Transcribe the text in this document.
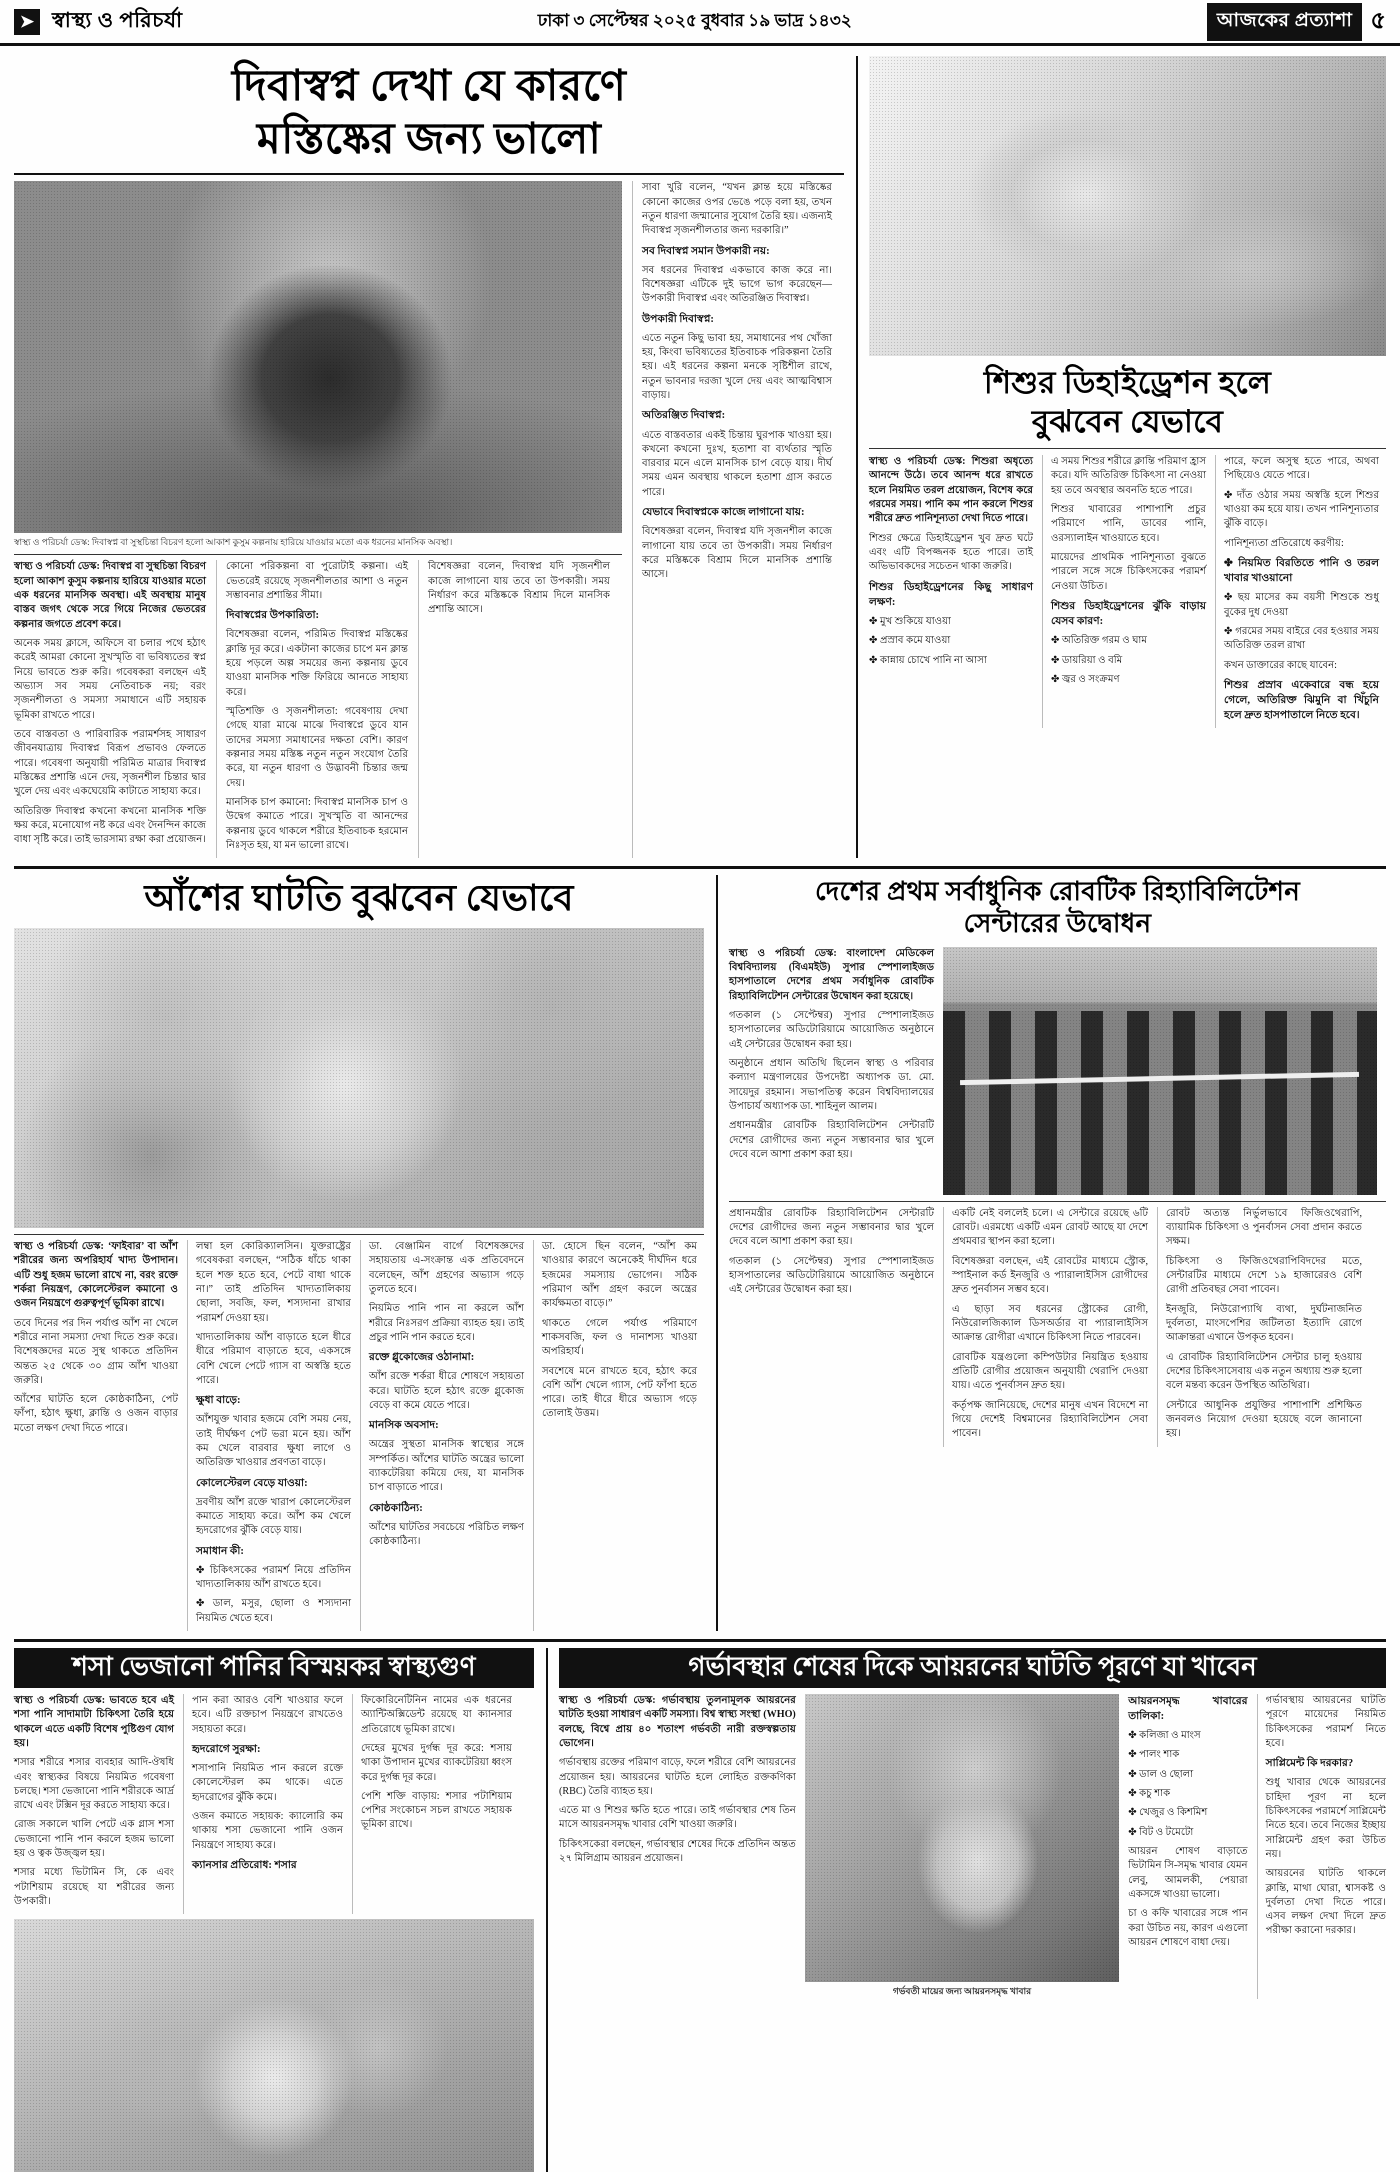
➤ স্বাস্থ্য ও পরিচর্যা	ঢাকা ৩ সেপ্টেম্বর ২০২৫ বুধবার ১৯ ভাদ্র ১৪৩২	আজকের প্রত্যাশা ৫
দিবাস্বপ্ন দেখা যে কারণে
মস্তিষ্কের জন্য ভালো
স্বাস্থ্য ও পরিচর্যা ডেস্ক: দিবাস্বপ্ন বা সুস্থচিন্তা বিচরণ হলো আকাশ কুসুম কল্পনায় হারিয়ে যাওয়ার মতো এক ধরনের মানসিক অবস্থা।

স্বাস্থ্য ও পরিচর্যা ডেস্ক: দিবাস্বপ্ন বা সুস্থচিন্তা বিচরণ হলো আকাশ কুসুম কল্পনায় হারিয়ে যাওয়ার মতো এক ধরনের মানসিক অবস্থা। এই অবস্থায় মানুষ বাস্তব জগৎ থেকে সরে গিয়ে নিজের ভেতরের কল্পনার জগতে প্রবেশ করে।

অনেক সময় ক্লাসে, অফিসে বা চলার পথে হঠাৎ করেই আমরা কোনো সুখস্মৃতি বা ভবিষ্যতের স্বপ্ন নিয়ে ভাবতে শুরু করি। গবেষকরা বলছেন এই অভ্যাস সব সময় নেতিবাচক নয়; বরং সৃজনশীলতা ও সমস্যা সমাধানে এটি সহায়ক ভূমিকা রাখতে পারে।

তবে বাস্তবতা ও পারিবারিক পরামর্শসহ সাধারণ জীবনযাত্রায় দিবাস্বপ্ন বিরূপ প্রভাবও ফেলতে পারে। গবেষণা অনুযায়ী পরিমিত মাত্রার দিবাস্বপ্ন মস্তিষ্কের প্রশান্তি এনে দেয়, সৃজনশীল চিন্তার দ্বার খুলে দেয় এবং একঘেয়েমি কাটাতে সাহায্য করে।

অতিরিক্ত দিবাস্বপ্ন কখনো কখনো মানসিক শক্তি ক্ষয় করে, মনোযোগ নষ্ট করে এবং দৈনন্দিন কাজে বাধা সৃষ্টি করে। তাই ভারসাম্য রক্ষা করা প্রয়োজন।

কোনো পরিকল্পনা বা পুরোটাই কল্পনা। এই ভেতরেই রয়েছে সৃজনশীলতার আশা ও নতুন সম্ভাবনার প্রশান্তির সীমা।

দিবাস্বপ্নের উপকারিতা:

বিশেষজ্ঞরা বলেন, পরিমিত দিবাস্বপ্ন মস্তিষ্কের ক্লান্তি দূর করে। একটানা কাজের চাপে মন ক্লান্ত হয়ে পড়লে অল্প সময়ের জন্য কল্পনায় ডুবে যাওয়া মানসিক শক্তি ফিরিয়ে আনতে সাহায্য করে।

স্মৃতিশক্তি ও সৃজনশীলতা: গবেষণায় দেখা গেছে যারা মাঝে মাঝে দিবাস্বপ্নে ডুবে যান তাদের সমস্যা সমাধানের দক্ষতা বেশি। কারণ কল্পনার সময় মস্তিষ্ক নতুন নতুন সংযোগ তৈরি করে, যা নতুন ধারণা ও উদ্ভাবনী চিন্তার জন্ম দেয়।

মানসিক চাপ কমানো: দিবাস্বপ্ন মানসিক চাপ ও উদ্বেগ কমাতে পারে। সুখস্মৃতি বা আনন্দের কল্পনায় ডুবে থাকলে শরীরে ইতিবাচক হরমোন নিঃসৃত হয়, যা মন ভালো রাখে।

বিশেষজ্ঞরা বলেন, দিবাস্বপ্ন যদি সৃজনশীল কাজে লাগানো যায় তবে তা উপকারী। সময় নির্ধারণ করে মস্তিষ্ককে বিশ্রাম দিলে মানসিক প্রশান্তি আসে।

সাবা খুরি বলেন, “যখন ক্লান্ত হয়ে মস্তিষ্কের কোনো কাজের ওপর ভেঙে পড়ে বলা হয়, তখন নতুন ধারণা জন্মানোর সুযোগ তৈরি হয়। এজন্যই দিবাস্বপ্ন সৃজনশীলতার জন্য দরকারি।”

সব দিবাস্বপ্ন সমান উপকারী নয়:

সব ধরনের দিবাস্বপ্ন একভাবে কাজ করে না। বিশেষজ্ঞরা এটিকে দুই ভাগে ভাগ করেছেন—উপকারী দিবাস্বপ্ন এবং অতিরঞ্জিত দিবাস্বপ্ন।

উপকারী দিবাস্বপ্ন:

এতে নতুন কিছু ভাবা হয়, সমাধানের পথ খোঁজা হয়, কিংবা ভবিষ্যতের ইতিবাচক পরিকল্পনা তৈরি হয়। এই ধরনের কল্পনা মনকে সৃষ্টিশীল রাখে, নতুন ভাবনার দরজা খুলে দেয় এবং আত্মবিশ্বাস বাড়ায়।

অতিরঞ্জিত দিবাস্বপ্ন:

এতে বাস্তবতার একই চিন্তায় ঘুরপাক খাওয়া হয়। কখনো কখনো দুঃখ, হতাশা বা ব্যর্থতার স্মৃতি বারবার মনে এলে মানসিক চাপ বেড়ে যায়। দীর্ঘ সময় এমন অবস্থায় থাকলে হতাশা গ্রাস করতে পারে।

যেভাবে দিবাস্বপ্নকে কাজে লাগানো যায়:

বিশেষজ্ঞরা বলেন, দিবাস্বপ্ন যদি সৃজনশীল কাজে লাগানো যায় তবে তা উপকারী। সময় নির্ধারণ করে মস্তিষ্ককে বিশ্রাম দিলে মানসিক প্রশান্তি আসে।

শিশুর ডিহাইড্রেশন হলে
বুঝবেন যেভাবে

স্বাস্থ্য ও পরিচর্যা ডেস্ক: শিশুরা অধৃত্যে আনন্দে উঠে। তবে আনন্দ ধরে রাখতে হলে নিয়মিত তরল প্রয়োজন, বিশেষ করে গরমের সময়। পানি কম পান করলে শিশুর শরীরে দ্রুত পানিশূন্যতা দেখা দিতে পারে।

শিশুর ক্ষেত্রে ডিহাইড্রেশন খুব দ্রুত ঘটে এবং এটি বিপজ্জনক হতে পারে। তাই অভিভাবকদের সচেতন থাকা জরুরি।

শিশুর ডিহাইড্রেশনের কিছু সাধারণ লক্ষণ:

✤ মুখ শুকিয়ে যাওয়া

✤ প্রস্রাব কমে যাওয়া

✤ কান্নায় চোখে পানি না আসা

এ সময় শিশুর শরীরে ক্লান্তি পরিমাণ হ্রাস করে। যদি অতিরিক্ত চিকিৎসা না নেওয়া হয় তবে অবস্থার অবনতি হতে পারে।

শিশুর খাবারের পাশাপাশি প্রচুর পরিমাণে পানি, ডাবের পানি, ওরস্যালাইন খাওয়াতে হবে।

মায়েদের প্রাথমিক পানিশূন্যতা বুঝতে পারলে সঙ্গে সঙ্গে চিকিৎসকের পরামর্শ নেওয়া উচিত।

শিশুর ডিহাইড্রেশনের ঝুঁকি বাড়ায় যেসব কারণ:

✤ অতিরিক্ত গরম ও ঘাম

✤ ডায়রিয়া ও বমি

✤ জ্বর ও সংক্রমণ

পারে, ফলে অসুস্থ হতে পারে, অথবা পিছিয়েও যেতে পারে।

✤ দাঁত ওঠার সময় অস্বস্তি হলে শিশুর খাওয়া কম হয়ে যায়। তখন পানিশূন্যতার ঝুঁকি বাড়ে।

পানিশূন্যতা প্রতিরোধে করণীয়:

✤ নিয়মিত বিরতিতে পানি ও তরল খাবার খাওয়ানো

✤ ছয় মাসের কম বয়সী শিশুকে শুধু বুকের দুধ দেওয়া

✤ গরমের সময় বাইরে বের হওয়ার সময় অতিরিক্ত তরল রাখা

কখন ডাক্তারের কাছে যাবেন:

শিশুর প্রস্রাব একেবারে বন্ধ হয়ে গেলে, অতিরিক্ত ঝিমুনি বা খিঁচুনি হলে দ্রুত হাসপাতালে নিতে হবে।

আঁশের ঘাটতি বুঝবেন যেভাবে

স্বাস্থ্য ও পরিচর্যা ডেস্ক: ‘ফাইবার’ বা আঁশ শরীরের জন্য অপরিহার্য খাদ্য উপাদান। এটি শুধু হজম ভালো রাখে না, বরং রক্তে শর্করা নিয়ন্ত্রণ, কোলেস্টেরল কমানো ও ওজন নিয়ন্ত্রণে গুরুত্বপূর্ণ ভূমিকা রাখে।

তবে দিনের পর দিন পর্যাপ্ত আঁশ না খেলে শরীরে নানা সমস্যা দেখা দিতে শুরু করে। বিশেষজ্ঞদের মতে সুস্থ থাকতে প্রতিদিন অন্তত ২৫ থেকে ৩০ গ্রাম আঁশ খাওয়া জরুরি।

আঁশের ঘাটতি হলে কোষ্ঠকাঠিন্য, পেট ফাঁপা, হঠাৎ ক্ষুধা, ক্লান্তি ও ওজন বাড়ার মতো লক্ষণ দেখা দিতে পারে।

লম্বা হল কোরিক্যালসিন। যুক্তরাষ্ট্রের গবেষকরা বলছেন, “সঠিক ধাঁচে থাকা হলে শক্ত হতে হবে, পেটে বাধা থাকে না।” তাই প্রতিদিন খাদ্যতালিকায় ছোলা, সবজি, ফল, শস্যদানা রাখার পরামর্শ দেওয়া হয়।

খাদ্যতালিকায় আঁশ বাড়াতে হলে ধীরে ধীরে পরিমাণ বাড়াতে হবে, একসঙ্গে বেশি খেলে পেটে গ্যাস বা অস্বস্তি হতে পারে।

ক্ষুধা বাড়ে:

আঁশযুক্ত খাবার হজমে বেশি সময় নেয়, তাই দীর্ঘক্ষণ পেট ভরা মনে হয়। আঁশ কম খেলে বারবার ক্ষুধা লাগে ও অতিরিক্ত খাওয়ার প্রবণতা বাড়ে।

কোলেস্টেরল বেড়ে যাওয়া:

দ্রবণীয় আঁশ রক্তে খারাপ কোলেস্টেরল কমাতে সাহায্য করে। আঁশ কম খেলে হৃদরোগের ঝুঁকি বেড়ে যায়।

সমাধান কী:

✤ চিকিৎসকের পরামর্শ নিয়ে প্রতিদিন খাদ্যতালিকায় আঁশ রাখতে হবে।

✤ ডাল, মসুর, ছোলা ও শস্যদানা নিয়মিত খেতে হবে।

ডা. বেঞ্জামিন বার্গে বিশেষজ্ঞদের সহায়তায় এ-সংক্রান্ত এক প্রতিবেদনে বলেছেন, আঁশ গ্রহণের অভ্যাস গড়ে তুলতে হবে।

নিয়মিত পানি পান না করলে আঁশ শরীরে নিঃসরণ প্রক্রিয়া ব্যাহত হয়। তাই প্রচুর পানি পান করতে হবে।

রক্তে গ্লুকোজের ওঠানামা:

আঁশ রক্তে শর্করা ধীরে শোষণে সহায়তা করে। ঘাটতি হলে হঠাৎ রক্তে গ্লুকোজ বেড়ে বা কমে যেতে পারে।

মানসিক অবসাদ:

অন্ত্রের সুস্থতা মানসিক স্বাস্থ্যের সঙ্গে সম্পর্কিত। আঁশের ঘাটতি অন্ত্রের ভালো ব্যাকটেরিয়া কমিয়ে দেয়, যা মানসিক চাপ বাড়াতে পারে।

কোষ্ঠকাঠিন্য:

আঁশের ঘাটতির সবচেয়ে পরিচিত লক্ষণ কোষ্ঠকাঠিন্য।

ডা. হোসে ছিন বলেন, “আঁশ কম খাওয়ার কারণে অনেকেই দীর্ঘদিন ধরে হজমের সমস্যায় ভোগেন। সঠিক পরিমাণ আঁশ গ্রহণ করলে অন্ত্রের কার্যক্ষমতা বাড়ে।”

থাকতে গেলে পর্যাপ্ত পরিমাণে শাকসবজি, ফল ও দানাশস্য খাওয়া অপরিহার্য।

সবশেষে মনে রাখতে হবে, হঠাৎ করে বেশি আঁশ খেলে গ্যাস, পেট ফাঁপা হতে পারে। তাই ধীরে ধীরে অভ্যাস গড়ে তোলাই উত্তম।

দেশের প্রথম সর্বাধুনিক রোবটিক রিহ্যাবিলিটেশন
সেন্টারের উদ্বোধন

স্বাস্থ্য ও পরিচর্যা ডেস্ক: বাংলাদেশ মেডিকেল বিশ্ববিদ্যালয় (বিএমইউ) সুপার স্পেশালাইজড হাসপাতালে দেশের প্রথম সর্বাধুনিক রোবটিক রিহ্যাবিলিটেশন সেন্টারের উদ্বোধন করা হয়েছে।

গতকাল (১ সেপ্টেম্বর) সুপার স্পেশালাইজড হাসপাতালের অডিটোরিয়ামে আয়োজিত অনুষ্ঠানে এই সেন্টারের উদ্বোধন করা হয়।

অনুষ্ঠানে প্রধান অতিথি ছিলেন স্বাস্থ্য ও পরিবার কল্যাণ মন্ত্রণালয়ের উপদেষ্টা অধ্যাপক ডা. মো. সায়েদুর রহমান। সভাপতিত্ব করেন বিশ্ববিদ্যালয়ের উপাচার্য অধ্যাপক ডা. শাহিনুল আলম।

প্রধানমন্ত্রীর রোবটিক রিহ্যাবিলিটেশন সেন্টারটি দেশের রোগীদের জন্য নতুন সম্ভাবনার দ্বার খুলে দেবে বলে আশা প্রকাশ করা হয়।

প্রধানমন্ত্রীর রোবটিক রিহ্যাবিলিটেশন সেন্টারটি দেশের রোগীদের জন্য নতুন সম্ভাবনার দ্বার খুলে দেবে বলে আশা প্রকাশ করা হয়।

গতকাল (১ সেপ্টেম্বর) সুপার স্পেশালাইজড হাসপাতালের অডিটোরিয়ামে আয়োজিত অনুষ্ঠানে এই সেন্টারের উদ্বোধন করা হয়।

একটি নেই বললেই চলে। এ সেন্টারে রয়েছে ৬টি রোবট। এরমধ্যে একটি এমন রোবট আছে যা দেশে প্রথমবার স্থাপন করা হলো।

বিশেষজ্ঞরা বলছেন, এই রোবটের মাধ্যমে স্ট্রোক, স্পাইনাল কর্ড ইনজুরি ও প্যারালাইসিস রোগীদের দ্রুত পুনর্বাসন সম্ভব হবে।

এ ছাড়া সব ধরনের স্ট্রোকের রোগী, নিউরোলজিক্যাল ডিসঅর্ডার বা প্যারালাইসিস আক্রান্ত রোগীরা এখানে চিকিৎসা নিতে পারবেন।

রোবটিক যন্ত্রগুলো কম্পিউটার নিয়ন্ত্রিত হওয়ায় প্রতিটি রোগীর প্রয়োজন অনুযায়ী থেরাপি দেওয়া যায়। এতে পুনর্বাসন দ্রুত হয়।

কর্তৃপক্ষ জানিয়েছে, দেশের মানুষ এখন বিদেশে না গিয়ে দেশেই বিশ্বমানের রিহ্যাবিলিটেশন সেবা পাবেন।

রোবট অত্যন্ত নির্ভুলভাবে ফিজিওথেরাপি, ব্যায়ামিক চিকিৎসা ও পুনর্বাসন সেবা প্রদান করতে সক্ষম।

চিকিৎসা ও ফিজিওথেরাপিবিদদের মতে, সেন্টারটির মাধ্যমে দেশে ১৯ হাজারেরও বেশি রোগী প্রতিবছর সেবা পাবেন।

ইনজুরি, নিউরোপ্যাথি ব্যথা, দুর্ঘটনাজনিত দুর্বলতা, মাংসপেশির জটিলতা ইত্যাদি রোগে আক্রান্তরা এখানে উপকৃত হবেন।

এ রোবটিক রিহ্যাবিলিটেশন সেন্টার চালু হওয়ায় দেশের চিকিৎসাসেবায় এক নতুন অধ্যায় শুরু হলো বলে মন্তব্য করেন উপস্থিত অতিথিরা।

সেন্টারে আধুনিক প্রযুক্তির পাশাপাশি প্রশিক্ষিত জনবলও নিয়োগ দেওয়া হয়েছে বলে জানানো হয়।

শসা ভেজানো পানির বিস্ময়কর স্বাস্থ্যগুণ

স্বাস্থ্য ও পরিচর্যা ডেস্ক: ভাবতে হবে এই শসা পানি সাদামাটা চিকিৎসা তৈরি হয়ে থাকলে এতে একটি বিশেষ পুষ্টিগুণ যোগ হয়।

শসার শরীরে শসার ব্যবহার আদি-ঔষধি এবং স্বাস্থ্যকর বিষয়ে নিয়মিত গবেষণা চলছে। শসা ভেজানো পানি শরীরকে আর্দ্র রাখে এবং টক্সিন দূর করতে সাহায্য করে।

রোজ সকালে খালি পেটে এক গ্লাস শসা ভেজানো পানি পান করলে হজম ভালো হয় ও ত্বক উজ্জ্বল হয়।

শসার মধ্যে ভিটামিন সি, কে এবং পটাশিয়াম রয়েছে যা শরীরের জন্য উপকারী।

পান করা আরও বেশি খাওয়ার ফলে হবে। এটি রক্তচাপ নিয়ন্ত্রণে রাখতেও সহায়তা করে।

হৃদরোগে সুরক্ষা:

শসাপানি নিয়মিত পান করলে রক্তে কোলেস্টেরল কম থাকে। এতে হৃদরোগের ঝুঁকি কমে।

ওজন কমাতে সহায়ক: ক্যালোরি কম থাকায় শসা ভেজানো পানি ওজন নিয়ন্ত্রণে সাহায্য করে।

ক্যানসার প্রতিরোধ: শসার

ফিকোরিনেটিনিন নামের এক ধরনের অ্যান্টিঅক্সিডেন্ট রয়েছে যা ক্যানসার প্রতিরোধে ভূমিকা রাখে।

দেহের মুখের দুর্গন্ধ দূর করে: শসায় থাকা উপাদান মুখের ব্যাকটেরিয়া ধ্বংস করে দুর্গন্ধ দূর করে।

পেশি শক্তি বাড়ায়: শসার পটাশিয়াম পেশির সংকোচন সচল রাখতে সহায়ক ভূমিকা রাখে।

গর্ভাবস্থার শেষের দিকে আয়রনের ঘাটতি পূরণে যা খাবেন

স্বাস্থ্য ও পরিচর্যা ডেস্ক: গর্ভাবস্থায় তুলনামূলক আয়রনের ঘাটতি হওয়া সাধারণ একটি সমস্যা। বিশ্ব স্বাস্থ্য সংস্থা (WHO) বলছে, বিশ্বে প্রায় ৪০ শতাংশ গর্ভবতী নারী রক্তস্বল্পতায় ভোগেন।

গর্ভাবস্থায় রক্তের পরিমাণ বাড়ে, ফলে শরীরে বেশি আয়রনের প্রয়োজন হয়। আয়রনের ঘাটতি হলে লোহিত রক্তকণিকা (RBC) তৈরি ব্যাহত হয়।

এতে মা ও শিশুর ক্ষতি হতে পারে। তাই গর্ভাবস্থার শেষ তিন মাসে আয়রনসমৃদ্ধ খাবার বেশি খাওয়া জরুরি।

চিকিৎসকেরা বলছেন, গর্ভাবস্থার শেষের দিকে প্রতিদিন অন্তত ২৭ মিলিগ্রাম আয়রন প্রয়োজন।

গর্ভবতী মায়ের জন্য আয়রনসমৃদ্ধ খাবার

আয়রনসমৃদ্ধ খাবারের তালিকা:

✤ কলিজা ও মাংস

✤ পালং শাক

✤ ডাল ও ছোলা

✤ কচু শাক

✤ খেজুর ও কিশমিশ

✤ বিট ও টমেটো

আয়রন শোষণ বাড়াতে ভিটামিন সি-সমৃদ্ধ খাবার যেমন লেবু, আমলকী, পেয়ারা একসঙ্গে খাওয়া ভালো।

চা ও কফি খাবারের সঙ্গে পান করা উচিত নয়, কারণ এগুলো আয়রন শোষণে বাধা দেয়।

গর্ভাবস্থায় আয়রনের ঘাটতি পূরণে মায়েদের নিয়মিত চিকিৎসকের পরামর্শ নিতে হবে।

সাপ্লিমেন্ট কি দরকার?

শুধু খাবার থেকে আয়রনের চাহিদা পূরণ না হলে চিকিৎসকের পরামর্শে সাপ্লিমেন্ট নিতে হবে। তবে নিজের ইচ্ছায় সাপ্লিমেন্ট গ্রহণ করা উচিত নয়।

আয়রনের ঘাটতি থাকলে ক্লান্তি, মাথা ঘোরা, শ্বাসকষ্ট ও দুর্বলতা দেখা দিতে পারে। এসব লক্ষণ দেখা দিলে দ্রুত পরীক্ষা করানো দরকার।
